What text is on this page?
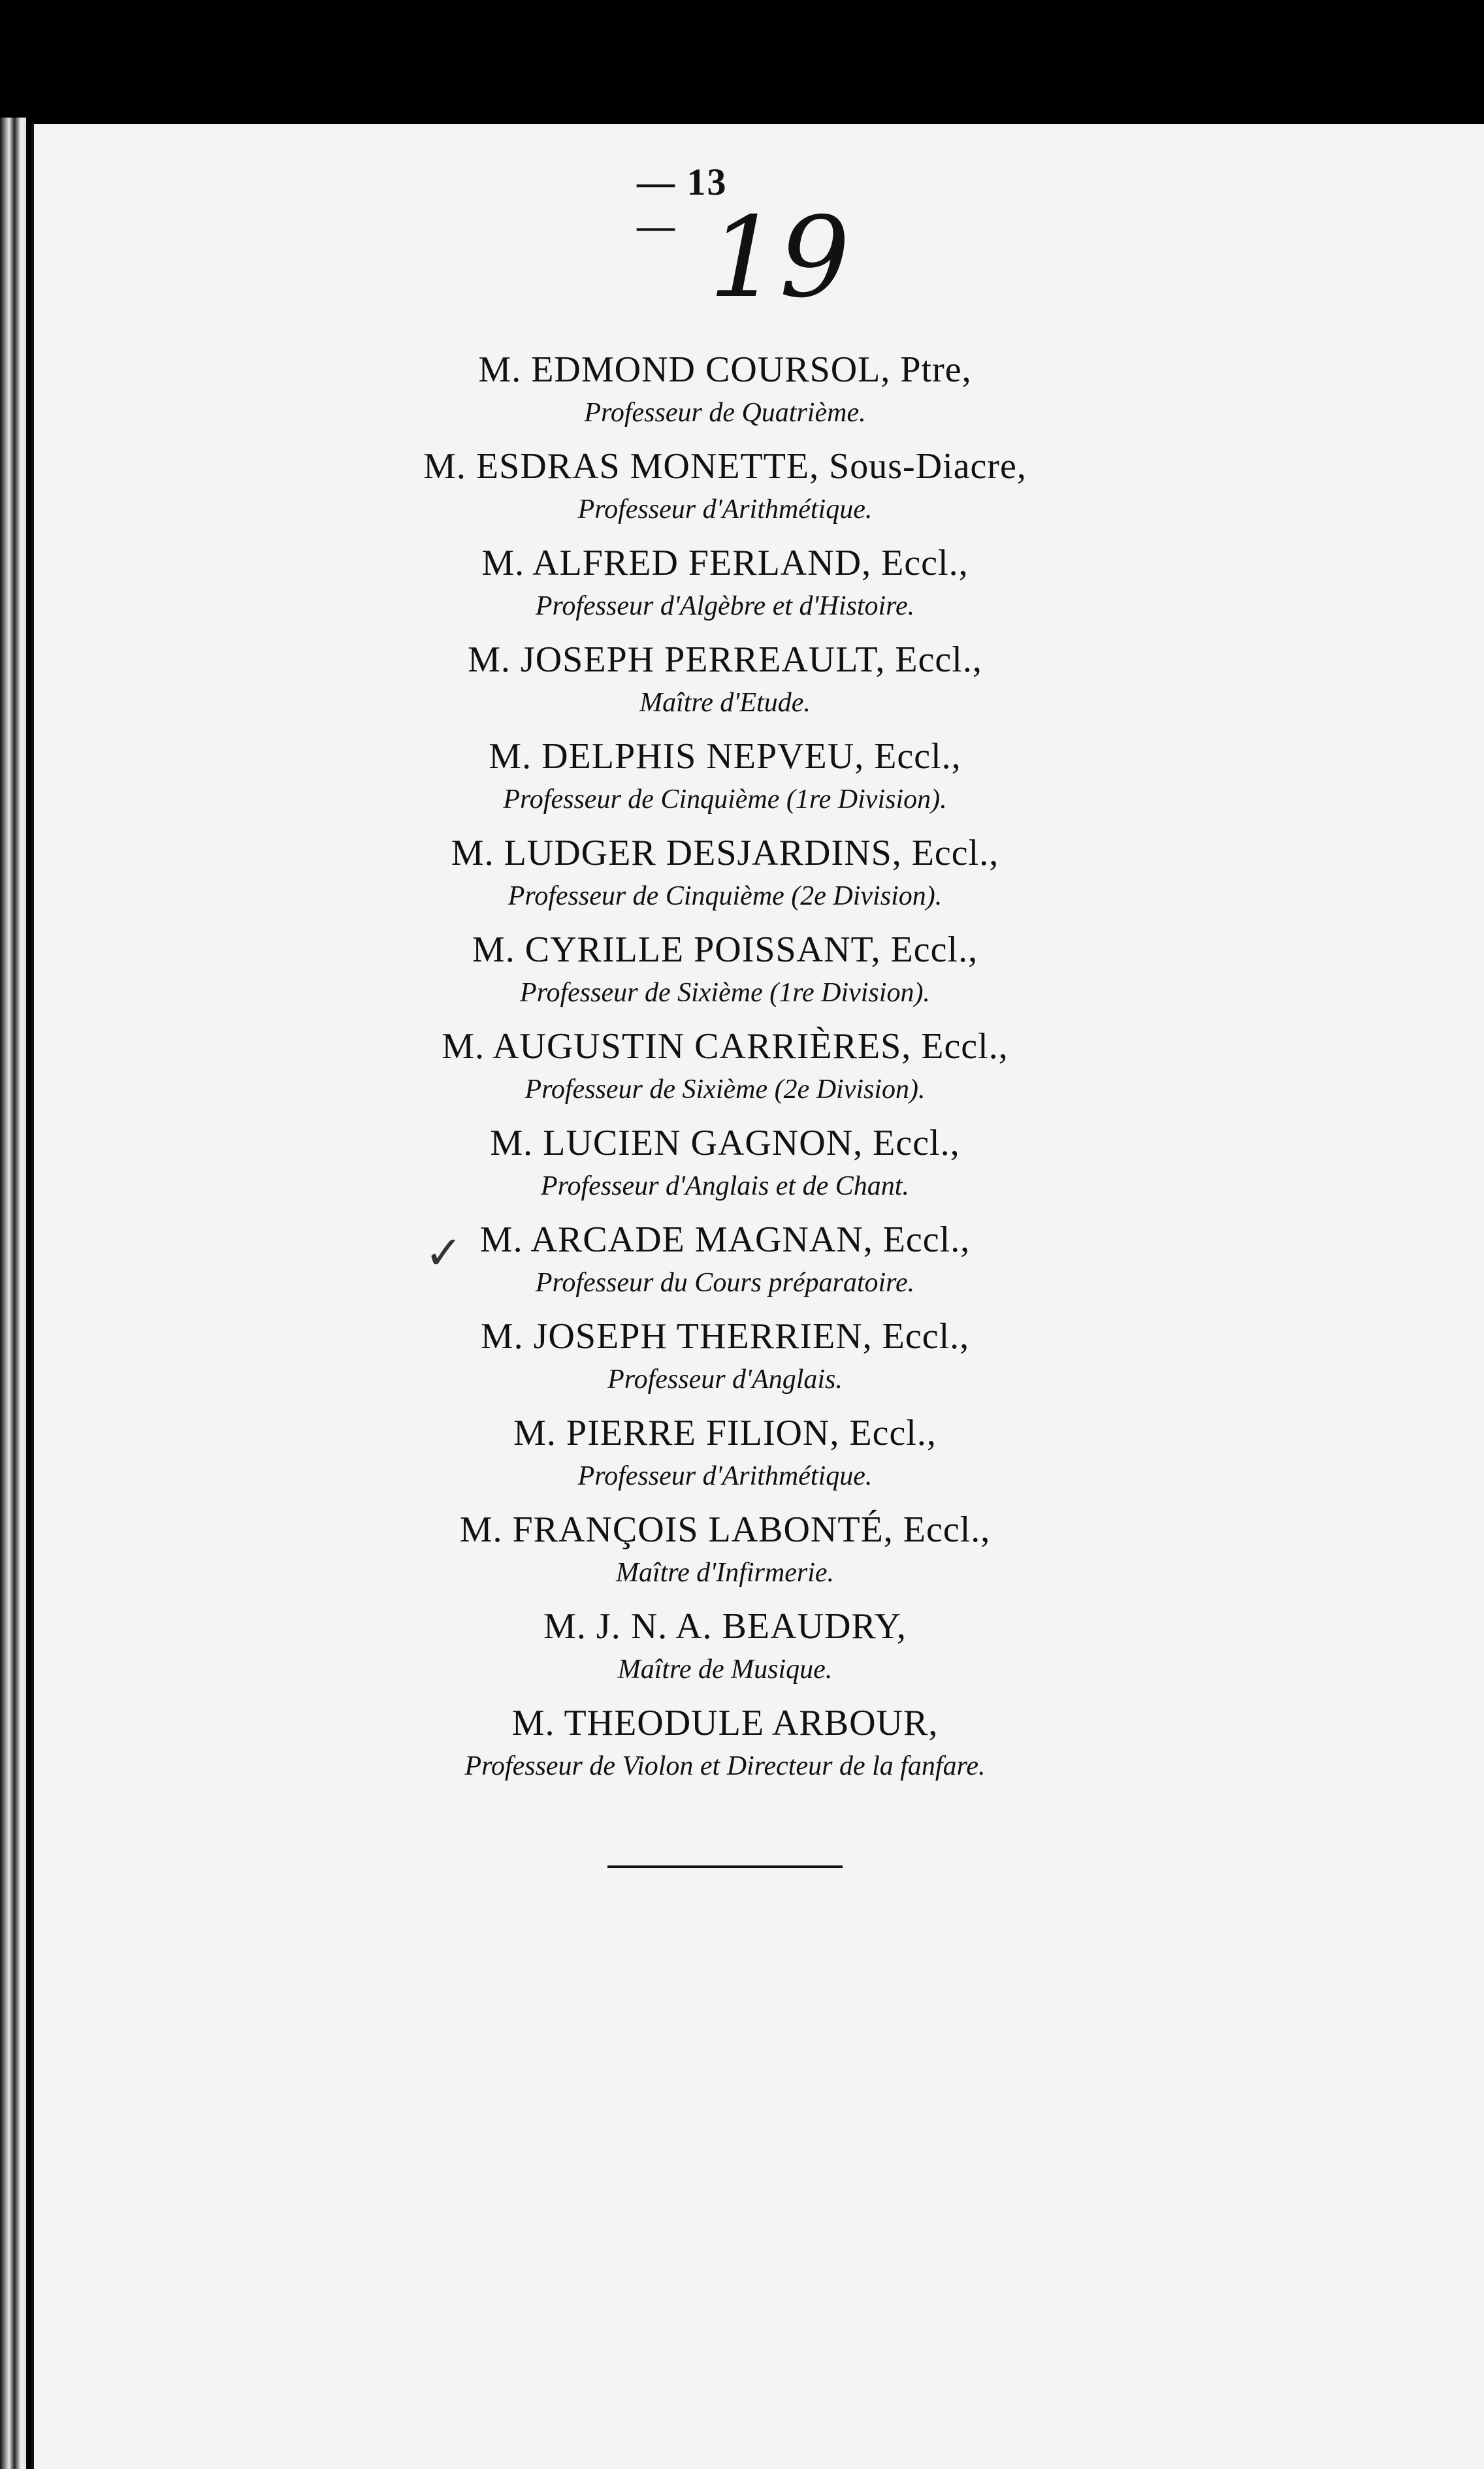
— 13 — 19
✓
M. EDMOND COURSOL, Ptre,
Professeur de Quatrième.
M. ESDRAS MONETTE, Sous-Diacre,
Professeur d'Arithmétique.
M. ALFRED FERLAND, Eccl.,
Professeur d'Algèbre et d'Histoire.
M. JOSEPH PERREAULT, Eccl.,
Maître d'Etude.
M. DELPHIS NEPVEU, Eccl.,
Professeur de Cinquième (1re Division).
M. LUDGER DESJARDINS, Eccl.,
Professeur de Cinquième (2e Division).
M. CYRILLE POISSANT, Eccl.,
Professeur de Sixième (1re Division).
M. AUGUSTIN CARRIÈRES, Eccl.,
Professeur de Sixième (2e Division).
M. LUCIEN GAGNON, Eccl.,
Professeur d'Anglais et de Chant.
M. ARCADE MAGNAN, Eccl.,
Professeur du Cours préparatoire.
M. JOSEPH THERRIEN, Eccl.,
Professeur d'Anglais.
M. PIERRE FILION, Eccl.,
Professeur d'Arithmétique.
M. FRANÇOIS LABONTÉ, Eccl.,
Maître d'Infirmerie.
M. J. N. A. BEAUDRY,
Maître de Musique.
M. THEODULE ARBOUR,
Professeur de Violon et Directeur de la fanfare.
